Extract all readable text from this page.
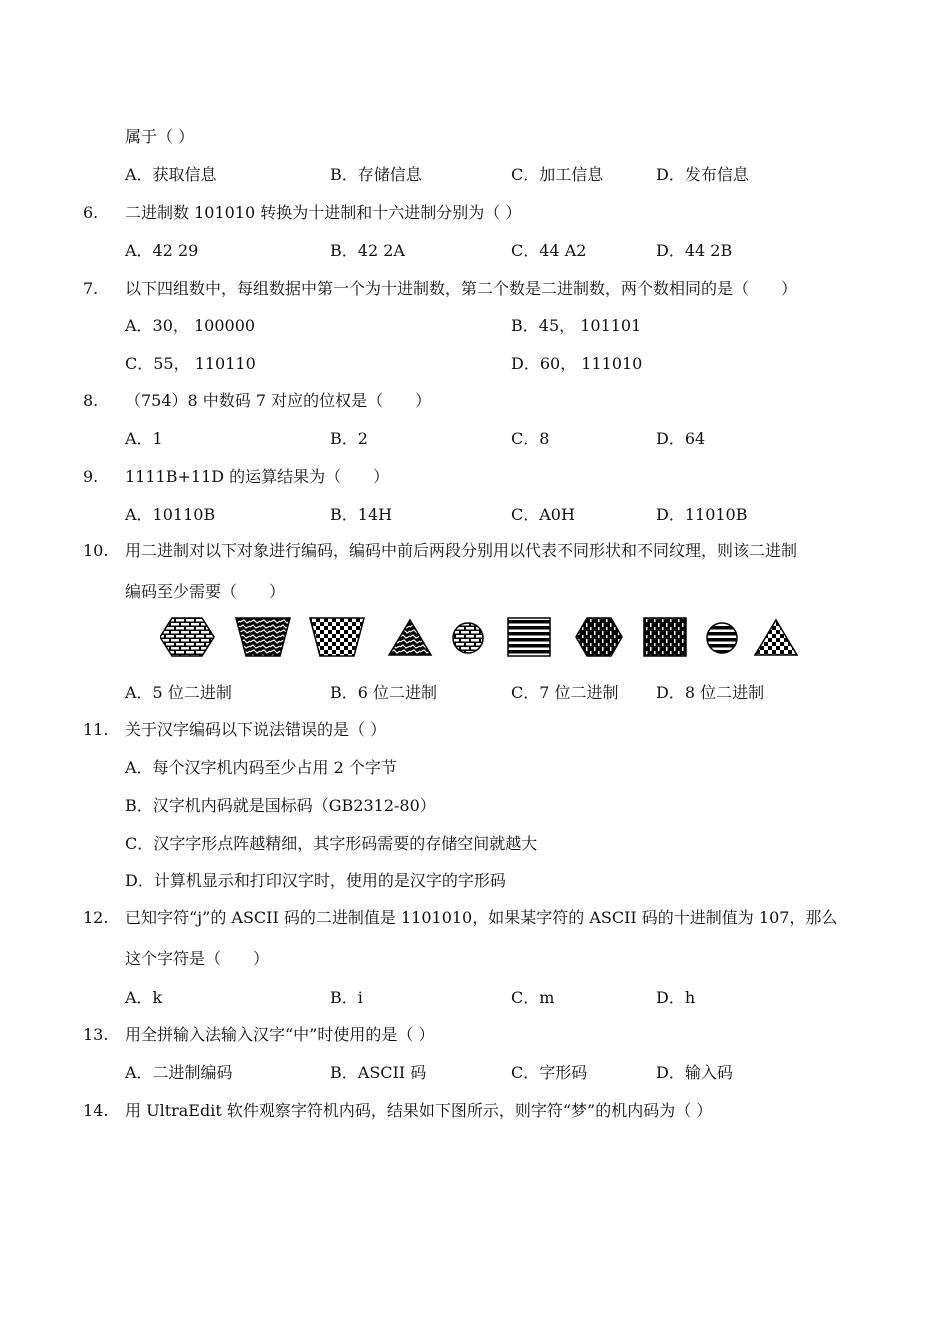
属于（ ）
A．获取信息	B．存储信息	C．加工信息	D．发布信息
6. 二进制数 101010 转换为十进制和十六进制分别为（ ）
A．42 29	B．42 2A	C．44 A2	D．44 2B
7. 以下四组数中，每组数据中第一个为十进制数，第二个数是二进制数，两个数相同的是（　　）
A．30， 100000	B．45， 101101
C．55， 110110	D．60， 111010
8. （754）8 中数码 7 对应的位权是（　　）
A．1	B．2	C．8	D．64
9. 1111B+11D 的运算结果为（　　）
A．10110B	B．14H	C．A0H	D．11010B
10. 用二进制对以下对象进行编码，编码中前后两段分别用以代表不同形状和不同纹理，则该二进制
编码至少需要（　　）
A．5 位二进制	B．6 位二进制	C．7 位二进制 D．8 位二进制
11. 关于汉字编码以下说法错误的是（ ）
A．每个汉字机内码至少占用 2 个字节
B．汉字机内码就是国标码（GB2312-80）
C．汉字字形点阵越精细，其字形码需要的存储空间就越大
D．计算机显示和打印汉字时，使用的是汉字的字形码
12. 已知字符“j”的 ASCII 码的二进制值是 1101010，如果某字符的 ASCII 码的十进制值为 107，那么
这个字符是（　　）
A．k	B．i	C．m	D．h
13. 用全拼输入法输入汉字“中”时使用的是（ ）
A．二进制编码	B．ASCII 码	C．字形码	D．输入码
14. 用 UltraEdit 软件观察字符机内码，结果如下图所示，则字符“梦”的机内码为（ ）
